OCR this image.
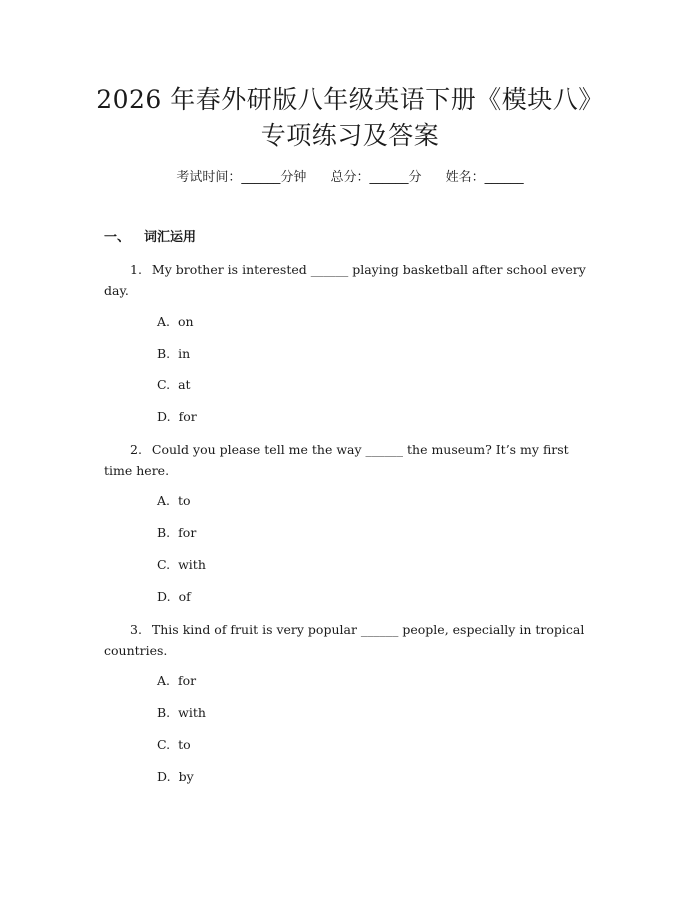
2026 年春外研版八年级英语下册《模块八》
专项练习及答案
考试时间：______分钟 总分：______分 姓名：______
一、 词汇运用
1. My brother is interested ______ playing basketball after school every day.
A. on
B. in
C. at
D. for
2. Could you please tell me the way ______ the museum? It’s my first time here.
A. to
B. for
C. with
D. of
3. This kind of fruit is very popular ______ people, especially in tropical countries.
A. for
B. with
C. to
D. by
